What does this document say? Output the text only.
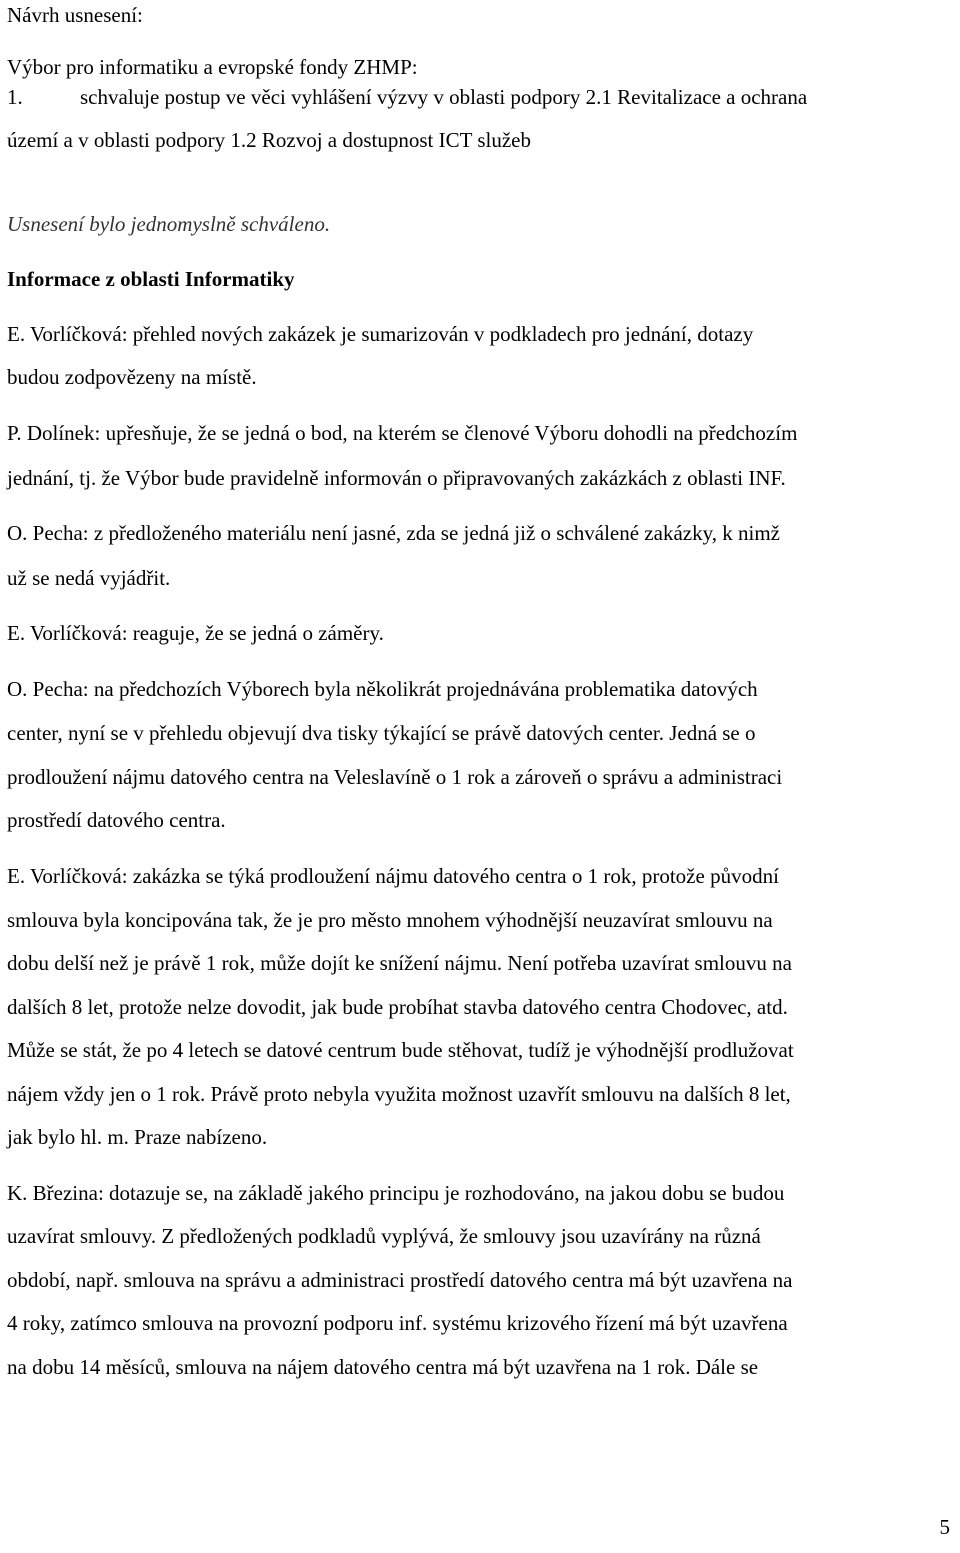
Návrh usnesení:
Výbor pro informatiku a evropské fondy ZHMP:
1.	schvaluje postup ve věci vyhlášení výzvy v oblasti podpory 2.1 Revitalizace a ochrana
území a v oblasti podpory 1.2 Rozvoj a dostupnost ICT služeb
Usnesení bylo jednomyslně schváleno.
Informace z oblasti Informatiky
E. Vorlíčková: přehled nových zakázek je sumarizován v podkladech pro jednání, dotazy
budou zodpovězeny na místě.
P. Dolínek: upřesňuje, že se jedná o bod, na kterém se členové Výboru dohodli na předchozím
jednání, tj. že Výbor bude pravidelně informován o připravovaných zakázkách z oblasti INF.
O. Pecha: z předloženého materiálu není jasné, zda se jedná již o schválené zakázky, k nimž
už se nedá vyjádřit.
E. Vorlíčková: reaguje, že se jedná o záměry.
O. Pecha: na předchozích Výborech byla několikrát projednávána problematika datových
center, nyní se v přehledu objevují dva tisky týkající se právě datových center. Jedná se o
prodloužení nájmu datového centra na Veleslavíně o 1 rok a zároveň o správu a administraci
prostředí datového centra.
E. Vorlíčková: zakázka se týká prodloužení nájmu datového centra o 1 rok, protože původní
smlouva byla koncipována tak, že je pro město mnohem výhodnější neuzavírat smlouvu na
dobu delší než je právě 1 rok, může dojít ke snížení nájmu. Není potřeba uzavírat smlouvu na
dalších 8 let, protože nelze dovodit, jak bude probíhat stavba datového centra Chodovec, atd.
Může se stát, že po 4 letech se datové centrum bude stěhovat, tudíž je výhodnější prodlužovat
nájem vždy jen o 1 rok. Právě proto nebyla využita možnost uzavřít smlouvu na dalších 8 let,
jak bylo hl. m. Praze nabízeno.
K. Březina: dotazuje se, na základě jakého principu je rozhodováno, na jakou dobu se budou
uzavírat smlouvy. Z předložených podkladů vyplývá, že smlouvy jsou uzavírány na různá
období, např. smlouva na správu a administraci prostředí datového centra má být uzavřena na
4 roky, zatímco smlouva na provozní podporu inf. systému krizového řízení má být uzavřena
na dobu 14 měsíců, smlouva na nájem datového centra má být uzavřena na 1 rok. Dále se
5
